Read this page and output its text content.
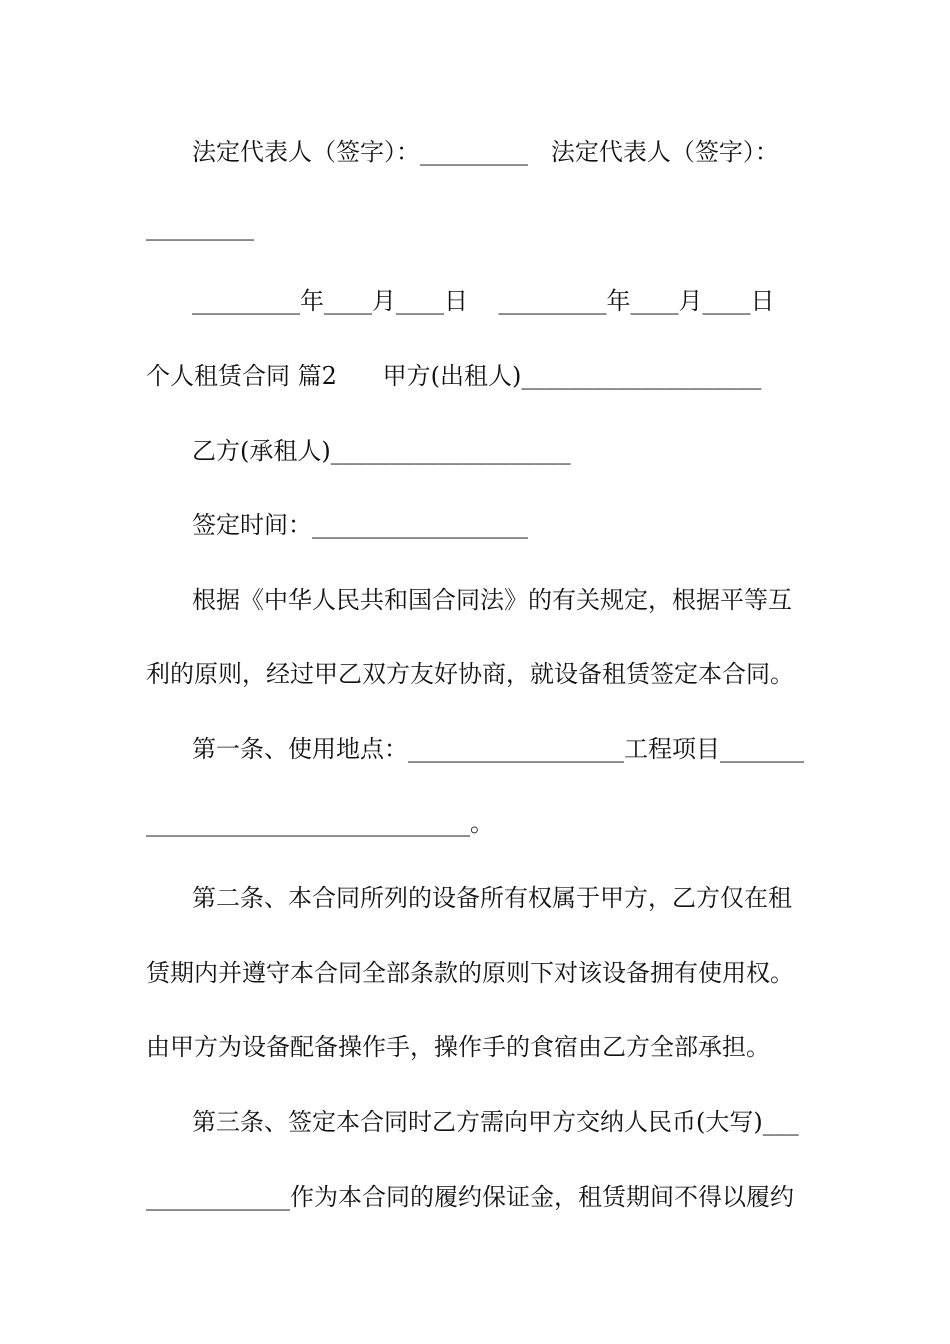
法定代表人（签字）：_________   法定代表人（签字）：
_________
_________年____月____日    _________年____月____日
个人租赁合同 篇2      甲方(出租人)____________________
乙方(承租人)____________________
签定时间：__________________
根据《中华人民共和国合同法》的有关规定，根据平等互
利的原则，经过甲乙双方友好协商，就设备租赁签定本合同。
第一条、使用地点：__________________工程项目_______
___________________________。
第二条、本合同所列的设备所有权属于甲方，乙方仅在租
赁期内并遵守本合同全部条款的原则下对该设备拥有使用权。
由甲方为设备配备操作手，操作手的食宿由乙方全部承担。
第三条、签定本合同时乙方需向甲方交纳人民币(大写)___
____________作为本合同的履约保证金，租赁期间不得以履约
